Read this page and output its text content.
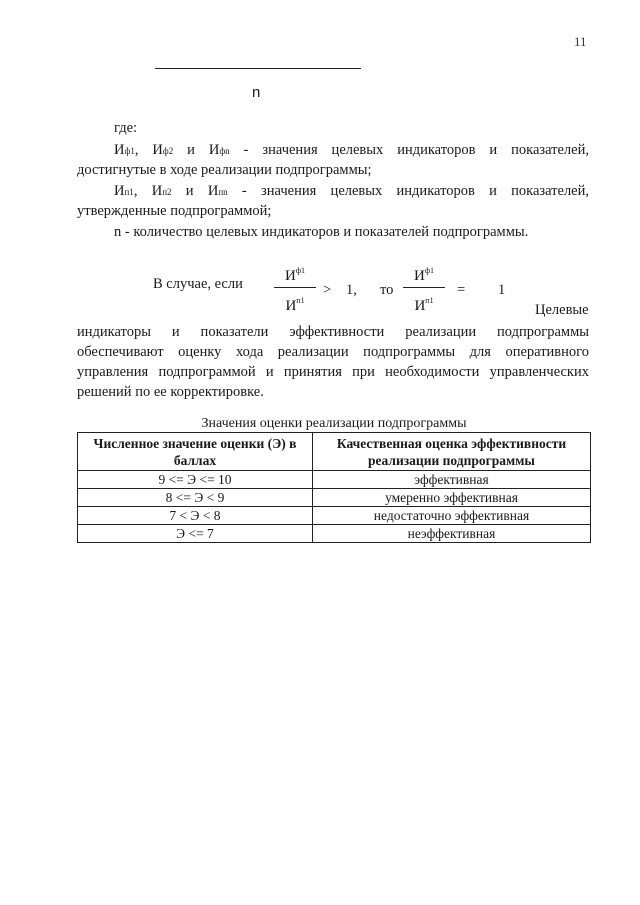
11
n
где:
Иф1, Иф2 и Ифn - значения целевых индикаторов и показателей,
достигнутые в ходе реализации подпрограммы;
Ип1, Ип2 и Ипn - значения целевых индикаторов и показателей,
утвержденные подпрограммой;
n - количество целевых индикаторов и показателей подпрограммы.
В случае, если	$И^{ф1}$
$И^{п1}$
> 1, то
$И^{ф1}$
$И^{п1}$
= 1
Целевые
индикаторы и показатели эффективности реализации подпрограммы
обеспечивают оценку хода реализации подпрограммы для оперативного
управления подпрограммой и принятия при необходимости управленческих
решений по ее корректировке.
Значения оценки реализации подпрограммы
Численное значение оценки (Э) в баллах	Качественная оценка эффективности реализации подпрограммы
9 <= Э <= 10	эффективная
8 <= Э < 9	умеренно эффективная
7 < Э < 8	недостаточно эффективная
Э <= 7	неэффективная
